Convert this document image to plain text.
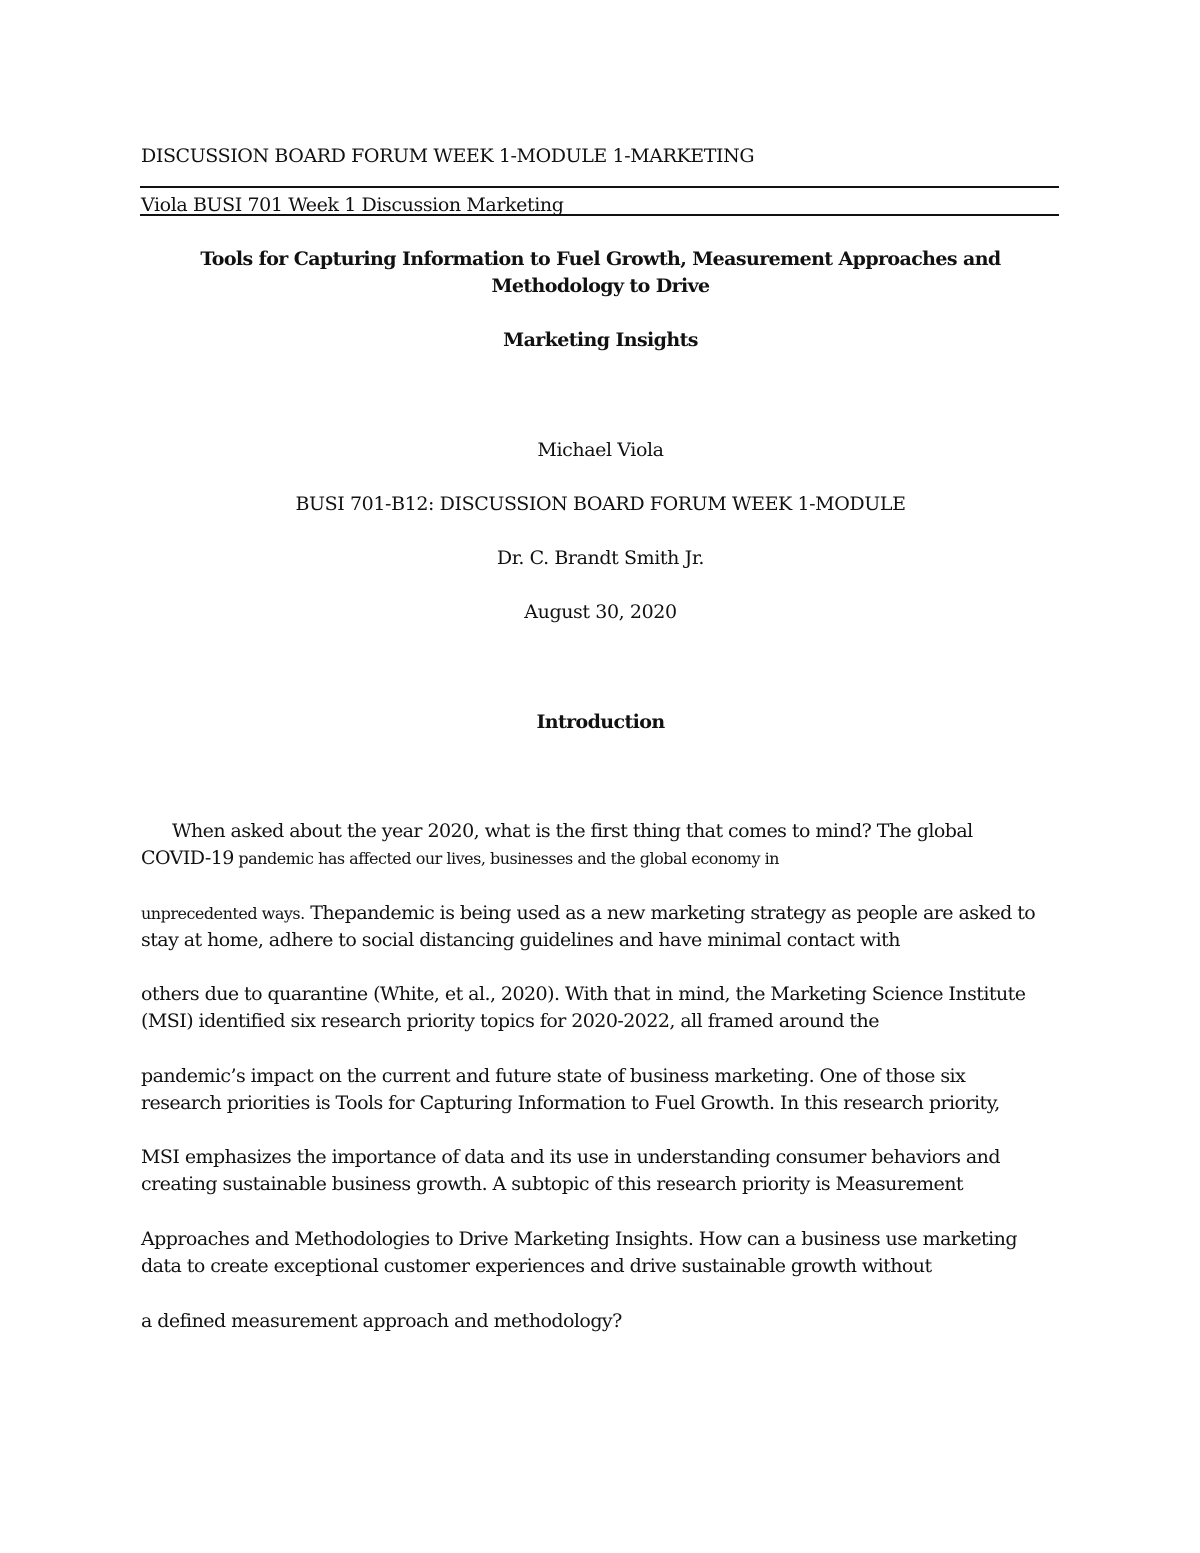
DISCUSSION BOARD FORUM WEEK 1-MODULE 1-MARKETING
Viola BUSI 701 Week 1 Discussion Marketing
Tools for Capturing Information to Fuel Growth, Measurement Approaches and
Methodology to Drive
Marketing Insights
Michael Viola
BUSI 701-B12: DISCUSSION BOARD FORUM WEEK 1-MODULE
Dr. C. Brandt Smith Jr.
August 30, 2020
Introduction
When asked about the year 2020, what is the first thing that comes to mind? The global
COVID-19 pandemic has affected our lives, businesses and the global economy in
unprecedented ways. Thepandemic is being used as a new marketing strategy as people are asked to
stay at home, adhere to social distancing guidelines and have minimal contact with
others due to quarantine (White, et al., 2020). With that in mind, the Marketing Science Institute
(MSI) identified six research priority topics for 2020-2022, all framed around the
pandemic’s impact on the current and future state of business marketing. One of those six
research priorities is Tools for Capturing Information to Fuel Growth. In this research priority,
MSI emphasizes the importance of data and its use in understanding consumer behaviors and
creating sustainable business growth. A subtopic of this research priority is Measurement
Approaches and Methodologies to Drive Marketing Insights. How can a business use marketing
data to create exceptional customer experiences and drive sustainable growth without
a defined measurement approach and methodology?
